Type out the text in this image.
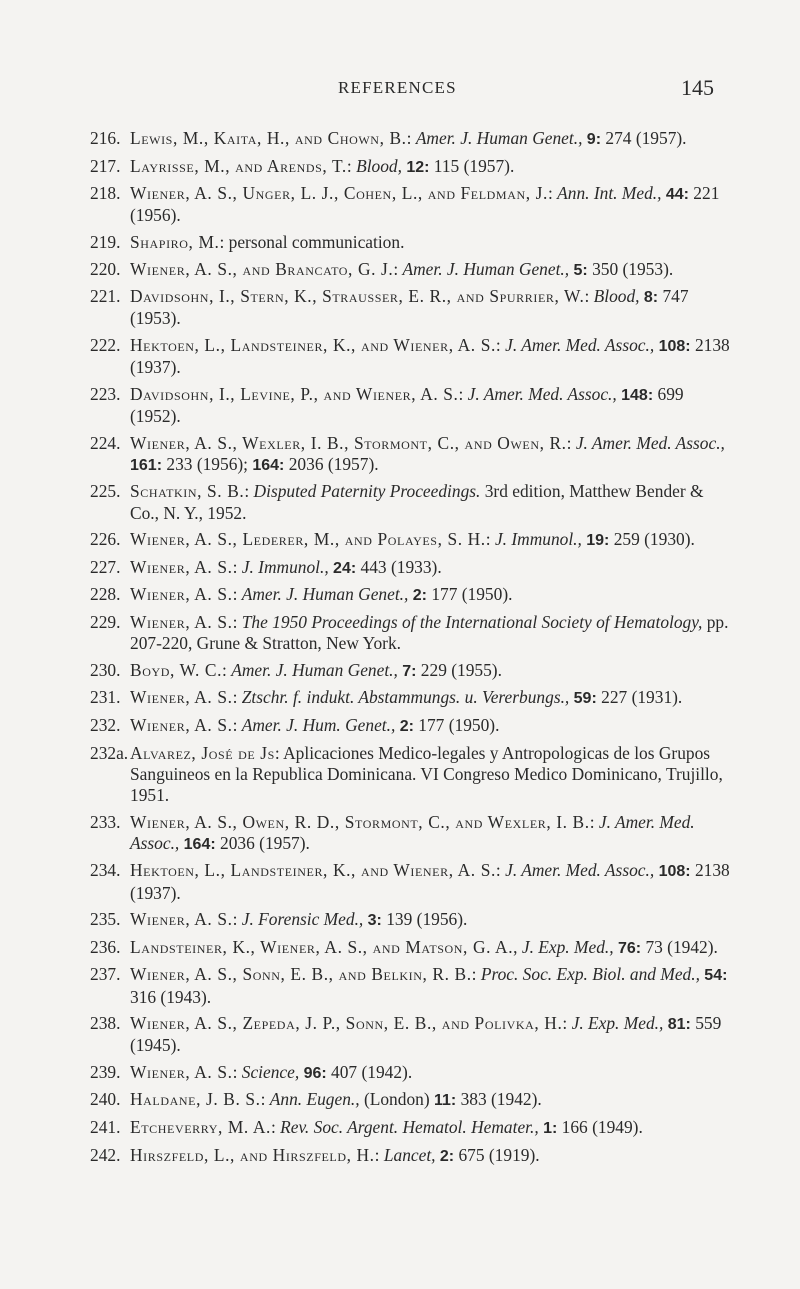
REFERENCES	145
216. Lewis, M., Kaita, H., and Chown, B.: Amer. J. Human Genet., 9: 274 (1957).
217. Layrisse, M., and Arends, T.: Blood, 12: 115 (1957).
218. Wiener, A. S., Unger, L. J., Cohen, L., and Feldman, J.: Ann. Int. Med., 44: 221 (1956).
219. Shapiro, M.: personal communication.
220. Wiener, A. S., and Brancato, G. J.: Amer. J. Human Genet., 5: 350 (1953).
221. Davidsohn, I., Stern, K., Strausser, E. R., and Spurrier, W.: Blood, 8: 747 (1953).
222. Hektoen, L., Landsteiner, K., and Wiener, A. S.: J. Amer. Med. Assoc., 108: 2138 (1937).
223. Davidsohn, I., Levine, P., and Wiener, A. S.: J. Amer. Med. Assoc., 148: 699 (1952).
224. Wiener, A. S., Wexler, I. B., Stormont, C., and Owen, R.: J. Amer. Med. Assoc., 161: 233 (1956); 164: 2036 (1957).
225. Schatkin, S. B.: Disputed Paternity Proceedings. 3rd edition, Matthew Bender & Co., N. Y., 1952.
226. Wiener, A. S., Lederer, M., and Polayes, S. H.: J. Immunol., 19: 259 (1930).
227. Wiener, A. S.: J. Immunol., 24: 443 (1933).
228. Wiener, A. S.: Amer. J. Human Genet., 2: 177 (1950).
229. Wiener, A. S.: The 1950 Proceedings of the International Society of Hematology, pp. 207-220, Grune & Stratton, New York.
230. Boyd, W. C.: Amer. J. Human Genet., 7: 229 (1955).
231. Wiener, A. S.: Ztschr. f. indukt. Abstammungs. u. Vererbungs., 59: 227 (1931).
232. Wiener, A. S.: Amer. J. Hum. Genet., 2: 177 (1950).
232a. Alvarez, José de Js: Aplicaciones Medico-legales y Antropologicas de los Grupos Sanguineos en la Republica Dominicana. VI Congreso Medico Dominicano, Trujillo, 1951.
233. Wiener, A. S., Owen, R. D., Stormont, C., and Wexler, I. B.: J. Amer. Med. Assoc., 164: 2036 (1957).
234. Hektoen, L., Landsteiner, K., and Wiener, A. S.: J. Amer. Med. Assoc., 108: 2138 (1937).
235. Wiener, A. S.: J. Forensic Med., 3: 139 (1956).
236. Landsteiner, K., Wiener, A. S., and Matson, G. A., J. Exp. Med., 76: 73 (1942).
237. Wiener, A. S., Sonn, E. B., and Belkin, R. B.: Proc. Soc. Exp. Biol. and Med., 54: 316 (1943).
238. Wiener, A. S., Zepeda, J. P., Sonn, E. B., and Polivka, H.: J. Exp. Med., 81: 559 (1945).
239. Wiener, A. S.: Science, 96: 407 (1942).
240. Haldane, J. B. S.: Ann. Eugen., (London) 11: 383 (1942).
241. Etcheverry, M. A.: Rev. Soc. Argent. Hematol. Hemater., 1: 166 (1949).
242. Hirszfeld, L., and Hirszfeld, H.: Lancet, 2: 675 (1919).
